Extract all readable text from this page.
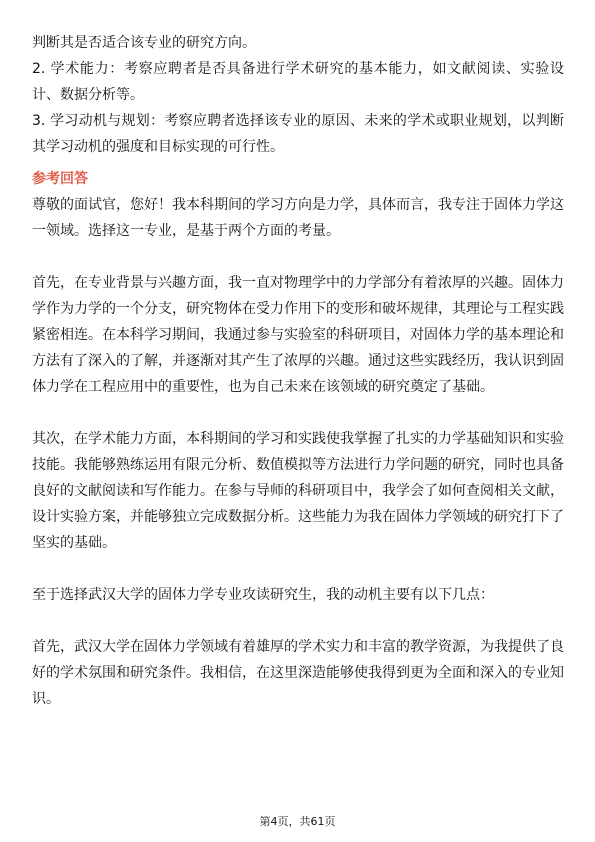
判断其是否适合该专业的研究方向。

2. 学术能力：考察应聘者是否具备进行学术研究的基本能力，如文献阅读、实验设计、数据分析等。

3. 学习动机与规划：考察应聘者选择该专业的原因、未来的学术或职业规划，以判断其学习动机的强度和目标实现的可行性。

参考回答

尊敬的面试官，您好！我本科期间的学习方向是力学，具体而言，我专注于固体力学这一领域。选择这一专业，是基于两个方面的考量。

首先，在专业背景与兴趣方面，我一直对物理学中的力学部分有着浓厚的兴趣。固体力学作为力学的一个分支，研究物体在受力作用下的变形和破坏规律，其理论与工程实践紧密相连。在本科学习期间，我通过参与实验室的科研项目，对固体力学的基本理论和方法有了深入的了解，并逐渐对其产生了浓厚的兴趣。通过这些实践经历，我认识到固体力学在工程应用中的重要性，也为自己未来在该领域的研究奠定了基础。

其次，在学术能力方面，本科期间的学习和实践使我掌握了扎实的力学基础知识和实验技能。我能够熟练运用有限元分析、数值模拟等方法进行力学问题的研究，同时也具备良好的文献阅读和写作能力。在参与导师的科研项目中，我学会了如何查阅相关文献，设计实验方案，并能够独立完成数据分析。这些能力为我在固体力学领域的研究打下了坚实的基础。

至于选择武汉大学的固体力学专业攻读研究生，我的动机主要有以下几点：

首先，武汉大学在固体力学领域有着雄厚的学术实力和丰富的教学资源，为我提供了良好的学术氛围和研究条件。我相信，在这里深造能够使我得到更为全面和深入的专业知识。

第4页，共61页
